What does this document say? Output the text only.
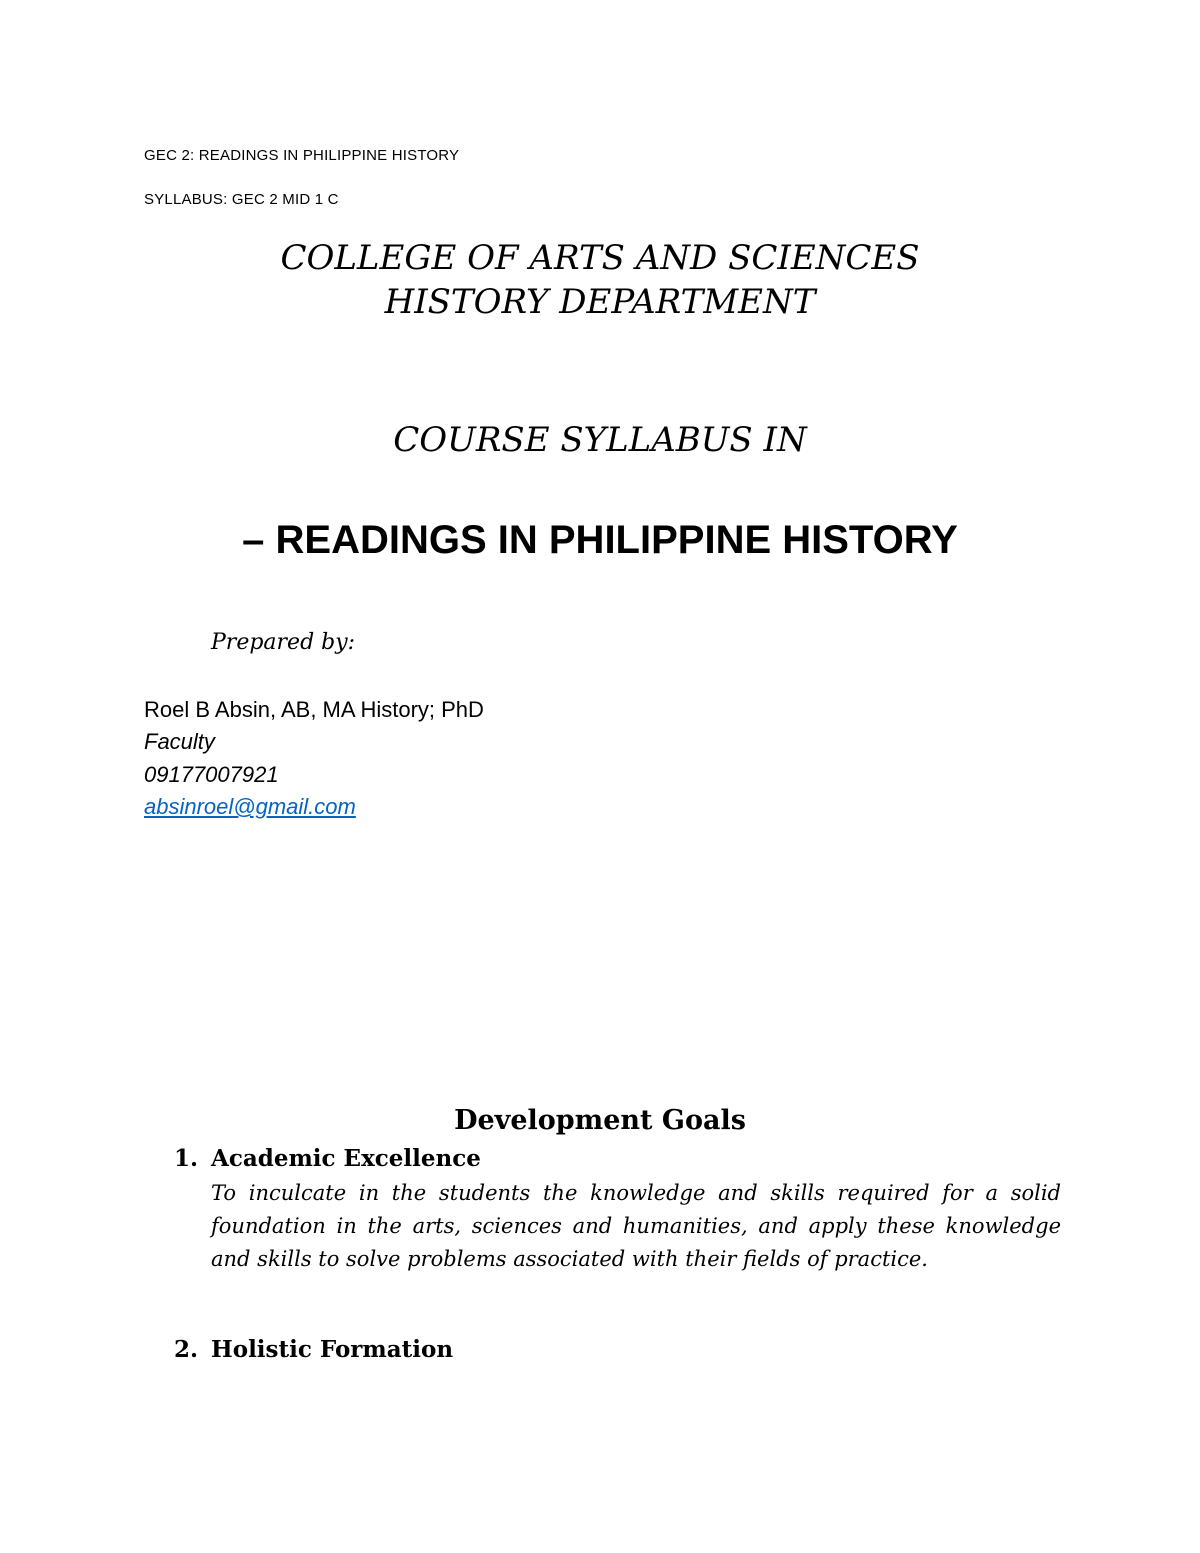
GEC 2: READINGS IN PHILIPPINE HISTORY
SYLLABUS: GEC 2 MID 1 C
COLLEGE OF ARTS AND SCIENCES
HISTORY DEPARTMENT
COURSE SYLLABUS IN
– READINGS IN PHILIPPINE HISTORY
Prepared by:
Roel B Absin, AB, MA History; PhD
Faculty
09177007921
absinroel@gmail.com
Development Goals
1. Academic Excellence

To inculcate in the students the knowledge and skills required for a solid foundation in the arts, sciences and humanities, and apply these knowledge and skills to solve problems associated with their fields of practice.

2. Holistic Formation
